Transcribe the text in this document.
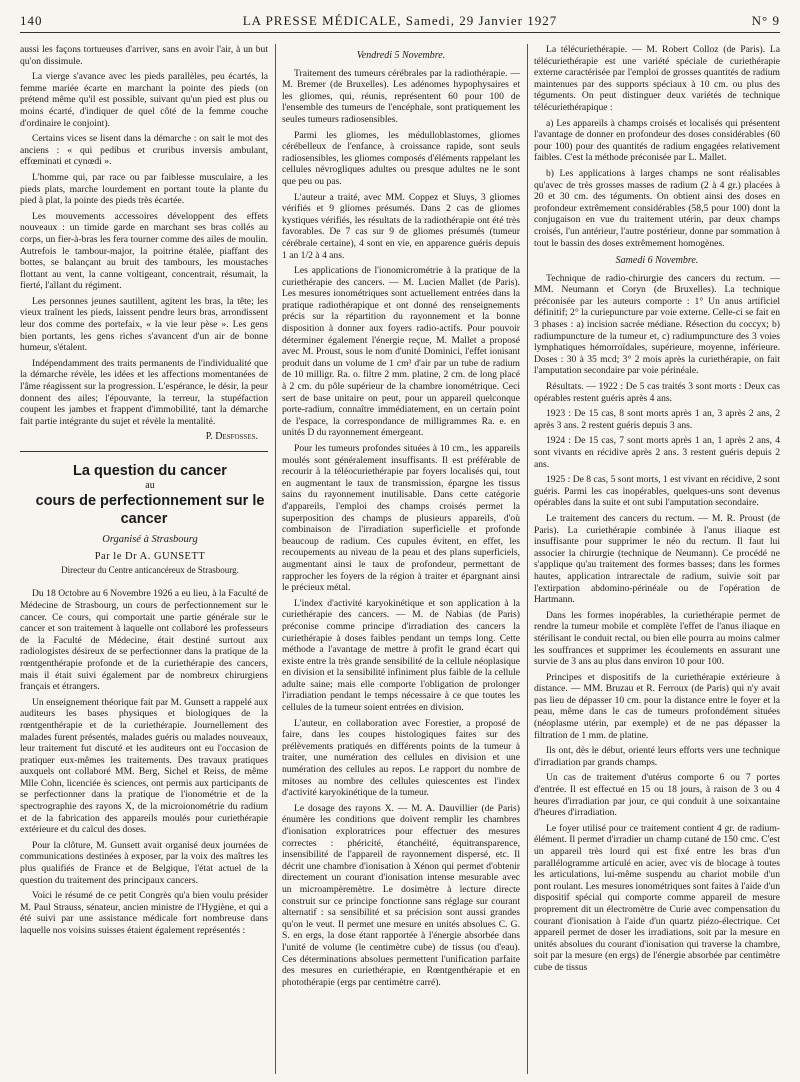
140	LA PRESSE MÉDICALE, Samedi, 29 Janvier 1927	N° 9

aussi les façons tortueuses d'arriver, sans en avoir l'air, à un but qu'on dissimule.

La vierge s'avance avec les pieds parallèles, peu écartés, la femme mariée écarte en marchant la pointe des pieds (on prétend même qu'il est possible, suivant qu'un pied est plus ou moins écarté, d'indiquer de quel côté de la femme couche d'ordinaire le conjoint).

Certains vices se lisent dans la démarche : on sait le mot des anciens : « qui pedibus et cruribus inversis ambulant, effœminati et cynœdi ».

L'homme qui, par race ou par faiblesse musculaire, a les pieds plats, marche lourdement en portant toute la plante du pied à plat, la pointe des pieds très écartée.

Les mouvements accessoires développent des effets nouveaux : un timide garde en marchant ses bras collés au corps, un fier-à-bras les fera tourner comme des ailes de moulin. Autrefois le tambour-major, la poitrine étalée, piaffant des bottes, se balançant au bruit des tambours, les moustaches flottant au vent, la canne voltigeant, concentrait, résumait, la fierté, l'allant du régiment.

Les personnes jeunes sautillent, agitent les bras, la tête; les vieux traînent les pieds, laissent pendre leurs bras, arrondissent leur dos comme des portefaix, « la vie leur pèse ». Les gens bien portants, les gens riches s'avancent d'un air de bonne humeur, s'étalent.

Indépendamment des traits permanents de l'individualité que la démarche révèle, les idées et les affections momentanées de l'âme réagissent sur la progression. L'espérance, le désir, la peur donnent des ailes; l'épouvante, la terreur, la stupéfaction coupent les jambes et frappent d'immobilité, tant la démarche fait partie intégrante du sujet et révèle la mentalité.

P. Desfosses.

La question du cancer

au

cours de perfectionnement sur le cancer

Organisé à Strasbourg

Par le Dr A. GUNSETT

Directeur du Centre anticancéreux de Strasbourg.

Du 18 Octobre au 6 Novembre 1926 a eu lieu, à la Faculté de Médecine de Strasbourg, un cours de perfectionnement sur le cancer. Ce cours, qui comportait une partie générale sur le cancer et son traitement à laquelle ont collaboré les professeurs de la Faculté de Médecine, était destiné surtout aux radiologistes désireux de se perfectionner dans la pratique de la rœntgenthérapie profonde et de la curiethérapie des cancers, mais il était suivi également par de nombreux chirurgiens français et étrangers.

Un enseignement théorique fait par M. Gunsett a rappelé aux auditeurs les bases physiques et biologiques de la rœntgenthérapie et de la curiethérapie. Journellement des malades furent présentés, malades guéris ou malades nouveaux, leur traitement fut discuté et les auditeurs ont eu l'occasion de pratiquer eux-mêmes les traitements. Des travaux pratiques auxquels ont collaboré MM. Berg, Sichel et Reiss, de même Mlle Cohn, licenciée ès sciences, ont permis aux participants de se perfectionner dans la pratique de l'ionométrie et de la spectrographie des rayons X, de la microionométrie du radium et de la fabrication des appareils moulés pour curiethérapie extérieure et du calcul des doses.

Pour la clôture, M. Gunsett avait organisé deux journées de communications destinées à exposer, par la voix des maîtres les plus qualifiés de France et de Belgique, l'état actuel de la question du traitement des principaux cancers.

Voici le résumé de ce petit Congrès qu'a bien voulu présider M. Paul Strauss, sénateur, ancien ministre de l'Hygiène, et qui a été suivi par une assistance médicale fort nombreuse dans laquelle nos voisins suisses étaient également représentés :

Vendredi 5 Novembre.

Traitement des tumeurs cérébrales par la radiothérapie. — M. Bremer (de Bruxelles). Les adénomes hypophysaires et les gliomes, qui, réunis, représentent 60 pour 100 de l'ensemble des tumeurs de l'encéphale, sont pratiquement les seules tumeurs radiosensibles.

Parmi les gliomes, les médulloblastomes, gliomes cérébelleux de l'enfance, à croissance rapide, sont seuls radiosensibles, les gliomes composés d'éléments rappelant les cellules névrogliques adultes ou presque adultes ne le sont que peu ou pas.

L'auteur a traité, avec MM. Coppez et Sluys, 3 gliomes vérifiés et 9 gliomes présumés. Dans 2 cas de gliomes kystiques vérifiés, les résultats de la radiothérapie ont été très favorables. De 7 cas sur 9 de gliomes présumés (tumeur cérébrale certaine), 4 sont en vie, en apparence guéris depuis 1 an 1/2 à 4 ans.

Les applications de l'ionomicrométrie à la pratique de la curiethérapie des cancers. — M. Lucien Mallet (de Paris). Les mesures ionométriques sont actuellement entrées dans la pratique radiothérapique et ont donné des renseignements précis sur la répartition du rayonnement et la bonne disposition à donner aux foyers radio-actifs. Pour pouvoir déterminer également l'énergie reçue, M. Mallet a proposé avec M. Proust, sous le nom d'unité Dominici, l'effet ionisant produit dans un volume de 1 cm³ d'air par un tube de radium de 10 milligr. Ra. o. filtre 2 mm. platine, 2 cm. de long placé à 2 cm. du pôle supérieur de la chambre ionométrique. Ceci sert de base unitaire on peut, pour un appareil quelconque porte-radium, connaître immédiatement, en un certain point de l'espace, la correspondance de milligrammes Ra. e. en unités D du rayonnement émergeant.

Pour les tumeurs profondes situées à 10 cm., les appareils moulés sont généralement insuffisants. Il est préférable de recourir à la téléocuriethérapie par foyers localisés qui, tout en augmentant le taux de transmission, épargne les tissus sains du rayonnement inutilisable. Dans cette catégorie d'appareils, l'emploi des champs croisés permet la superposition des champs de plusieurs appareils, d'où combinaison de l'irradiation superficielle et profonde beaucoup de radium. Ces cupules évitent, en effet, les recoupements au niveau de la peau et des plans superficiels, augmentant ainsi le taux de profondeur, permettant de rapprocher les foyers de la région à traiter et épargnant ainsi le précieux métal.

L'index d'activité karyokinétique et son application à la curiethérapie des cancers. — M. de Nabias (de Paris) préconise comme principe d'irradiation des cancers la curiethérapie à doses faibles pendant un temps long. Cette méthode a l'avantage de mettre à profit le grand écart qui existe entre la très grande sensibilité de la cellule néoplasique en division et la sensibilité infiniment plus faible de la cellule adulte saine; mais elle comporte l'obligation de prolonger l'irradiation pendant le temps nécessaire à ce que toutes les cellules de la tumeur soient entrées en division.

L'auteur, en collaboration avec Forestier, a proposé de faire, dans les coupes histologiques faites sur des prélèvements pratiqués en différents points de la tumeur à traiter, une numération des cellules en division et une numération des cellules au repos. Le rapport du nombre de mitoses au nombre des cellules quiescentes est l'index d'activité karyokinétique de la tumeur.

Le dosage des rayons X. — M. A. Dauvillier (de Paris) énumère les conditions que doivent remplir les chambres d'ionisation exploratrices pour effectuer des mesures correctes : phéricité, étanchéité, équitransparence, insensibilité de l'appareil de rayonnement dispersé, etc. Il décrit une chambre d'ionisation à Xénon qui permet d'obtenir directement un courant d'ionisation intense mesurable avec un microampèremètre. Le dosimètre à lecture directe construit sur ce principe fonctionne sans réglage sur courant alternatif : sa sensibilité et sa précision sont aussi grandes qu'on le veut. Il permet une mesure en unités absolues C. G. S. en ergs, la dose étant rapportée à l'énergie absorbée dans l'unité de volume (le centimètre cube) de tissus (ou d'eau). Ces déterminations absolues permettent l'unification parfaite des mesures en curiethérapie, en Rœntgenthérapie et en photothérapie (ergs par centimètre carré).

La télécuriethérapie. — M. Robert Colloz (de Paris). La télécuriethérapie est une variété spéciale de curiethérapie externe caractérisée par l'emploi de grosses quantités de radium maintenues par des supports spéciaux à 10 cm. ou plus des téguments. On peut distinguer deux variétés de technique télécuriethérapique :

a) Les appareils à champs croisés et localisés qui présentent l'avantage de donner en profondeur des doses considérables (60 pour 100) pour des quantités de radium engagées relativement faibles. C'est la méthode préconisée par L. Mallet.

b) Les applications à larges champs ne sont réalisables qu'avec de très grosses masses de radium (2 à 4 gr.) placées à 20 et 30 cm. des téguments. On obtient ainsi des doses en profondeur extrêmement considérables (58,5 pour 100) dont la conjugaison en vue du traitement utérin, par deux champs croisés, l'un antérieur, l'autre postérieur, donne par sommation à tout le bassin des doses extrêmement homogènes.

Samedi 6 Novembre.

Technique de radio-chirurgie des cancers du rectum. — MM. Neumann et Coryn (de Bruxelles). La technique préconisée par les auteurs comporte : 1° Un anus artificiel définitif; 2° la curiepuncture par voie externe. Celle-ci se fait en 3 phases : a) incision sacrée médiane. Résection du coccyx; b) radiumpuncture de la tumeur et, c) radiumpuncture des 3 voies lymphatiques hémorroïdales, supérieure, moyenne, inférieure. Doses : 30 à 35 mcd; 3° 2 mois après la curiethérapie, on fait l'amputation secondaire par voie périnéale.

Résultats. — 1922 : De 5 cas traités 3 sont morts : Deux cas opérables restent guéris après 4 ans.

1923 : De 15 cas, 8 sont morts après 1 an, 3 après 2 ans, 2 après 3 ans. 2 restent guéris depuis 3 ans.

1924 : De 15 cas, 7 sont morts après 1 an, 1 après 2 ans, 4 sont vivants en récidive après 2 ans. 3 restent guéris depuis 2 ans.

1925 : De 8 cas, 5 sont morts, 1 est vivant en récidive, 2 sont guéris. Parmi les cas inopérables, quelques-uns sont devenus opérables dans la suite et ont subi l'amputation secondaire.

Le traitement des cancers du rectum. — M. R. Proust (de Paris). La curiethérapie combinée à l'anus iliaque est insuffisante pour supprimer le néo du rectum. Il faut lui associer la chirurgie (technique de Neumann). Ce procédé ne s'applique qu'au traitement des formes basses; dans les formes hautes, application intrarectale de radium, suivie soit par l'extirpation abdomino-périnéale ou de l'opération de Hartmann.

Dans les formes inopérables, la curiethérapie permet de rendre la tumeur mobile et complète l'effet de l'anus iliaque en stérilisant le conduit rectal, ou bien elle pourra au moins calmer les souffrances et supprimer les écoulements en assurant une survie de 3 ans au plus dans environ 10 pour 100.

Principes et dispositifs de la curiethérapie extérieure à distance. — MM. Bruzau et R. Ferroux (de Paris) qui n'y avait pas lieu de dépasser 10 cm. pour la distance entre le foyer et la peau, même dans le cas de tumeurs profondément situées (néoplasme utérin, par exemple) et de ne pas dépasser la filtration de 1 mm. de platine.

Ils ont, dès le début, orienté leurs efforts vers une technique d'irradiation par grands champs.

Un cas de traitement d'utérus comporte 6 ou 7 portes d'entrée. Il est effectué en 15 ou 18 jours, à raison de 3 ou 4 heures d'irradiation par jour, ce qui conduit à une soixantaine d'heures d'irradiation.

Le foyer utilisé pour ce traitement contient 4 gr. de radium-élément. Il permet d'irradier un champ cutané de 150 cmc. C'est un appareil très lourd qui est fixé entre les bras d'un parallélogramme articulé en acier, avec vis de blocage à toutes les articulations, lui-même suspendu au chariot mobile d'un pont roulant. Les mesures ionométriques sont faites à l'aide d'un dispositif spécial qui comporte comme appareil de mesure proprement dit un électromètre de Curie avec compensation du courant d'ionisation à l'aide d'un quartz piézo-électrique. Cet appareil permet de doser les irradiations, soit par la mesure en unités absolues du courant d'ionisation qui traverse la chambre, soit par la mesure (en ergs) de l'énergie absorbée par centimètre cube de tissus
